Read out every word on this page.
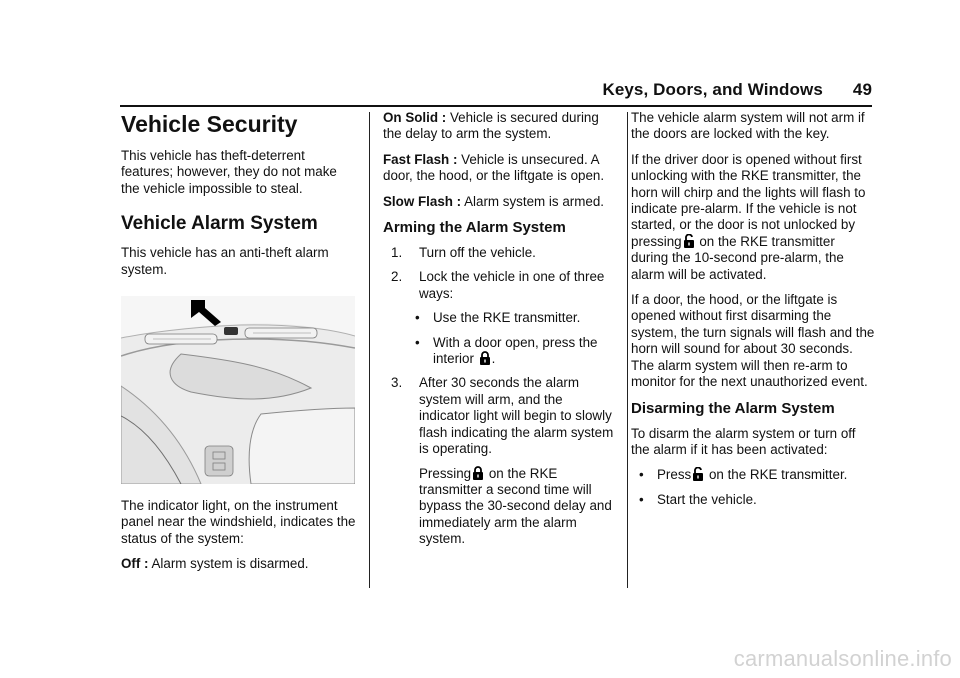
Keys, Doors, and Windows 49
Vehicle Security

This vehicle has theft-deterrent features; however, they do not make the vehicle impossible to steal.

Vehicle Alarm System

This vehicle has an anti-theft alarm system.

The indicator light, on the instrument panel near the windshield, indicates the status of the system:

Off : Alarm system is disarmed.

On Solid : Vehicle is secured during the delay to arm the system.

Fast Flash : Vehicle is unsecured. A door, the hood, or the liftgate is open.

Slow Flash : Alarm system is armed.

Arming the Alarm System
1. Turn off the vehicle.
2. Lock the vehicle in one of three ways:
• Use the RKE transmitter.
• With a door open, press the interior .
3. After 30 seconds the alarm system will arm, and the indicator light will begin to slowly flash indicating the alarm system is operating.
Pressing on the RKE transmitter a second time will bypass the 30-second delay and immediately arm the alarm system.

The vehicle alarm system will not arm if the doors are locked with the key.

If the driver door is opened without first unlocking with the RKE transmitter, the horn will chirp and the lights will flash to indicate pre-alarm. If the vehicle is not started, or the door is not unlocked by pressing on the RKE transmitter during the 10-second pre-alarm, the alarm will be activated.

If a door, the hood, or the liftgate is opened without first disarming the system, the turn signals will flash and the horn will sound for about 30 seconds. The alarm system will then re-arm to monitor for the next unauthorized event.

Disarming the Alarm System

To disarm the alarm system or turn off the alarm if it has been activated:

• Press on the RKE transmitter.
• Start the vehicle.
carmanualsonline.info
